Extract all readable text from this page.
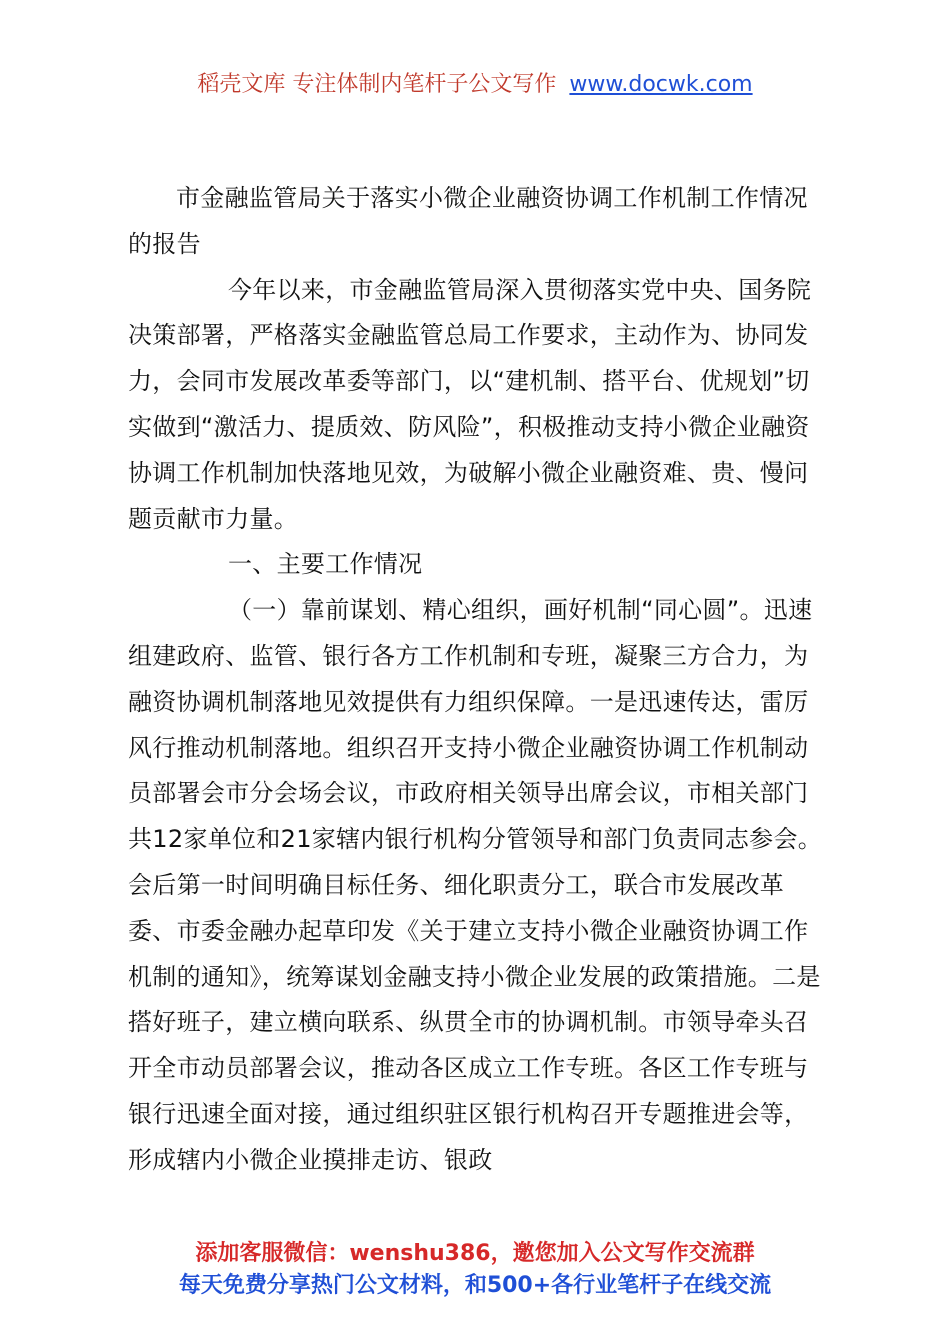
稻壳文库 专注体制内笔杆子公文写作 www.docwk.com

市金融监管局关于落实小微企业融资协调工作机制工作情况的报告

今年以来，市金融监管局深入贯彻落实党中央、国务院决策部署，严格落实金融监管总局工作要求，主动作为、协同发力，会同市发展改革委等部门，以“建机制、搭平台、优规划”切实做到“激活力、提质效、防风险”，积极推动支持小微企业融资协调工作机制加快落地见效，为破解小微企业融资难、贵、慢问题贡献市力量。

一、主要工作情况

（一）靠前谋划、精心组织，画好机制“同心圆”。迅速组建政府、监管、银行各方工作机制和专班，凝聚三方合力，为融资协调机制落地见效提供有力组织保障。一是迅速传达，雷厉风行推动机制落地。组织召开支持小微企业融资协调工作机制动员部署会市分会场会议，市政府相关领导出席会议，市相关部门共12家单位和21家辖内银行机构分管领导和部门负责同志参会。会后第一时间明确目标任务、细化职责分工，联合市发展改革委、市委金融办起草印发《关于建立支持小微企业融资协调工作机制的通知》，统筹谋划金融支持小微企业发展的政策措施。二是搭好班子，建立横向联系、纵贯全市的协调机制。市领导牵头召开全市动员部署会议，推动各区成立工作专班。各区工作专班与银行迅速全面对接，通过组织驻区银行机构召开专题推进会等，形成辖内小微企业摸排走访、银政

添加客服微信：wenshu386，邀您加入公文写作交流群
每天免费分享热门公文材料，和500+各行业笔杆子在线交流
